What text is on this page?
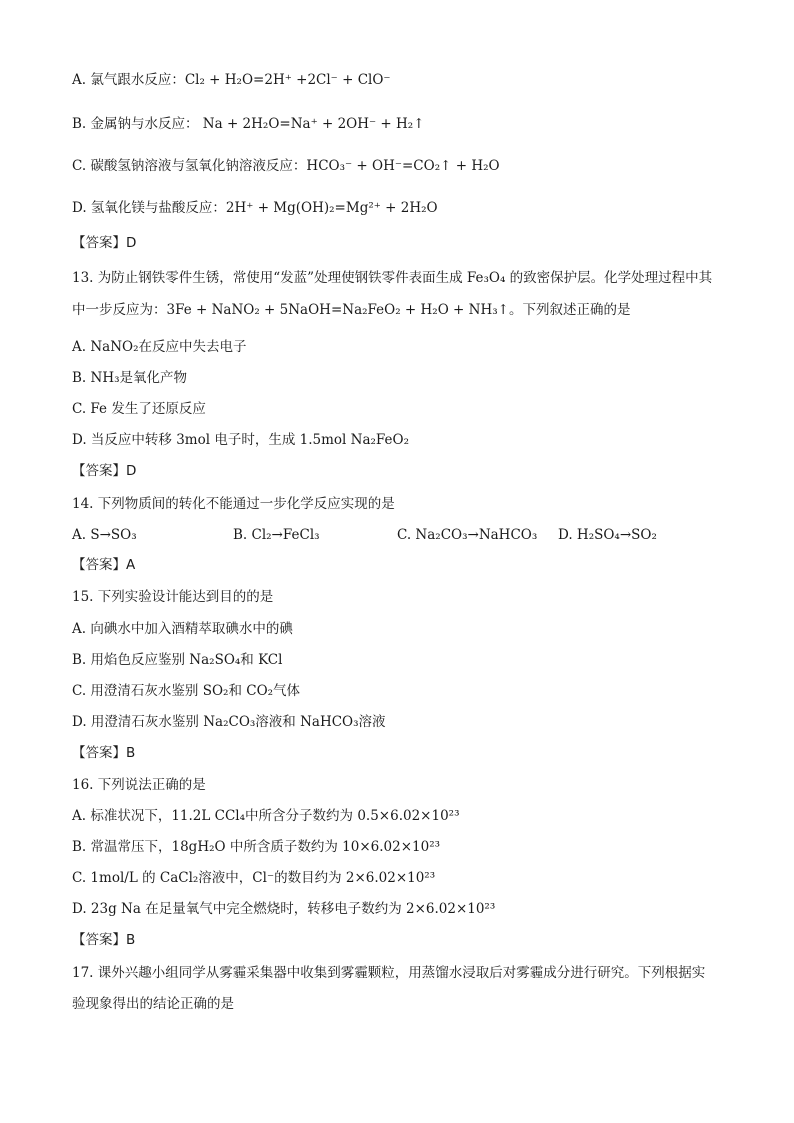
A. 氯气跟水反应：Cl₂ + H₂O=2H⁺ +2Cl⁻ + ClO⁻
B. 金属钠与水反应： Na + 2H₂O=Na⁺ + 2OH⁻ + H₂↑
C. 碳酸氢钠溶液与氢氧化钠溶液反应：HCO₃⁻ + OH⁻=CO₂↑ + H₂O
D. 氢氧化镁与盐酸反应：2H⁺ + Mg(OH)₂=Mg²⁺ + 2H₂O
【答案】D
13. 为防止钢铁零件生锈，常使用“发蓝”处理使钢铁零件表面生成 Fe₃O₄ 的致密保护层。化学处理过程中其
中一步反应为：3Fe + NaNO₂ + 5NaOH=Na₂FeO₂ + H₂O + NH₃↑。下列叙述正确的是
A. NaNO₂在反应中失去电子
B. NH₃是氧化产物
C. Fe 发生了还原反应
D. 当反应中转移 3mol 电子时，生成 1.5mol Na₂FeO₂
【答案】D
14. 下列物质间的转化不能通过一步化学反应实现的是
A. S→SO₃	B. Cl₂→FeCl₃	C. Na₂CO₃→NaHCO₃ D. H₂SO₄→SO₂
【答案】A
15. 下列实验设计能达到目的的是
A. 向碘水中加入酒精萃取碘水中的碘
B. 用焰色反应鉴别 Na₂SO₄和 KCl
C. 用澄清石灰水鉴别 SO₂和 CO₂气体
D. 用澄清石灰水鉴别 Na₂CO₃溶液和 NaHCO₃溶液
【答案】B
16. 下列说法正确的是
A. 标准状况下，11.2L CCl₄中所含分子数约为 0.5×6.02×10²³
B. 常温常压下，18gH₂O 中所含质子数约为 10×6.02×10²³
C. 1mol/L 的 CaCl₂溶液中，Cl⁻的数目约为 2×6.02×10²³
D. 23g Na 在足量氧气中完全燃烧时，转移电子数约为 2×6.02×10²³
【答案】B
17. 课外兴趣小组同学从雾霾采集器中收集到雾霾颗粒，用蒸馏水浸取后对雾霾成分进行研究。下列根据实
验现象得出的结论正确的是
